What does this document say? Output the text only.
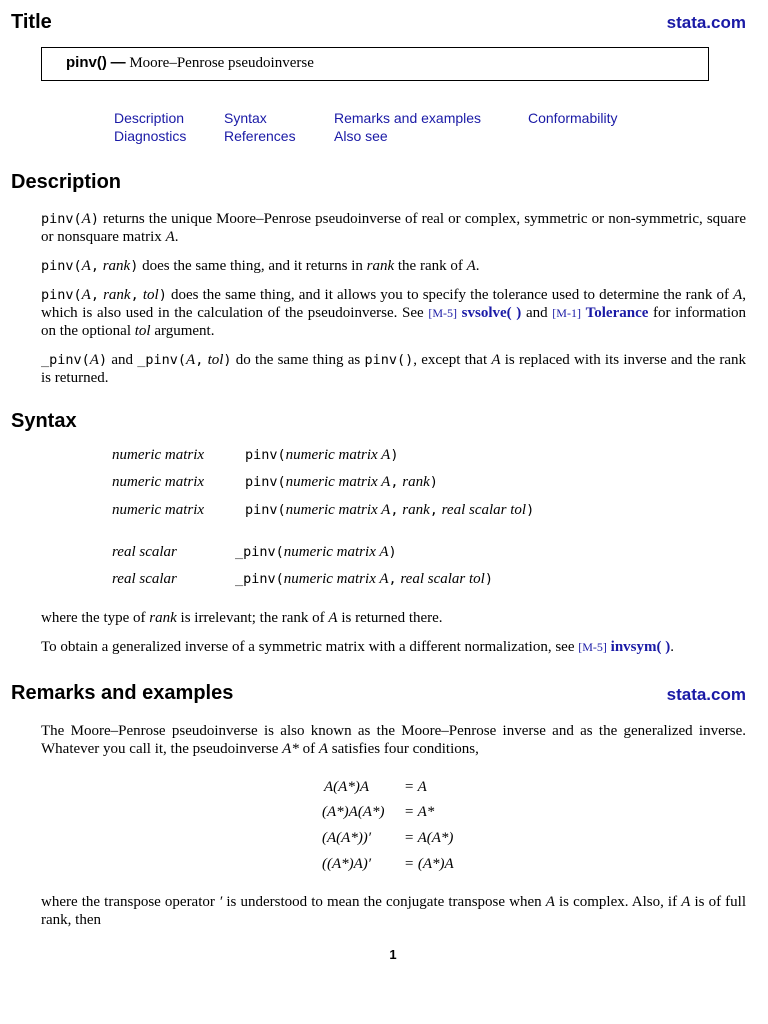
Title	stata.com
pinv() — Moore–Penrose pseudoinverse
Description	Syntax	Remarks and examples	Conformability
Diagnostics	References	Also see
Description
pinv(A) returns the unique Moore–Penrose pseudoinverse of real or complex, symmetric or non-symmetric, square or nonsquare matrix A.
pinv(A, rank) does the same thing, and it returns in rank the rank of A.
pinv(A, rank, tol) does the same thing, and it allows you to specify the tolerance used to determine the rank of A, which is also used in the calculation of the pseudoinverse. See [M-5] svsolve( ) and [M-1] Tolerance for information on the optional tol argument.
_pinv(A) and _pinv(A, tol) do the same thing as pinv(), except that A is replaced with its inverse and the rank is returned.
Syntax
numeric matrix	pinv(numeric matrix A)
numeric matrix	pinv(numeric matrix A, rank)
numeric matrix	pinv(numeric matrix A, rank, real scalar tol)
real scalar	_pinv(numeric matrix A)
real scalar	_pinv(numeric matrix A, real scalar tol)
where the type of rank is irrelevant; the rank of A is returned there.
To obtain a generalized inverse of a symmetric matrix with a different normalization, see [M-5] invsym( ).
Remarks and examples	stata.com
The Moore–Penrose pseudoinverse is also known as the Moore–Penrose inverse and as the generalized inverse. Whatever you call it, the pseudoinverse A* of A satisfies four conditions,
A(A*)A = A
(A*)A(A*) = A*
(A(A*))′ = A(A*)
((A*)A)′ = (A*)A
where the transpose operator ′ is understood to mean the conjugate transpose when A is complex. Also, if A is of full rank, then
1
